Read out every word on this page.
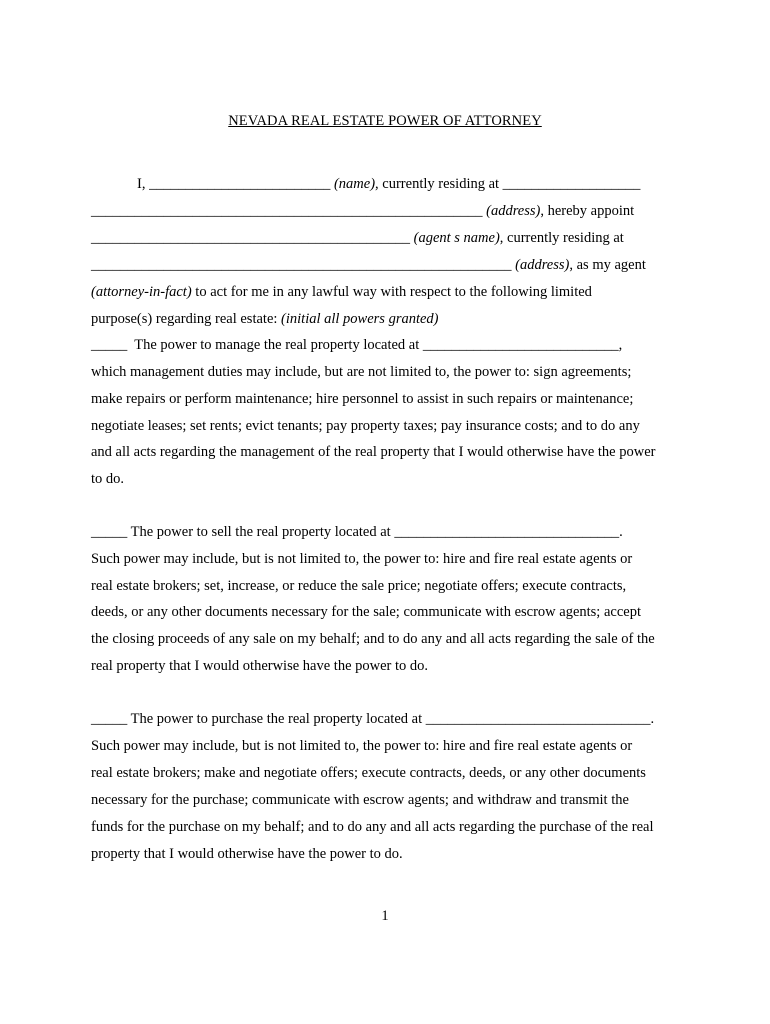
NEVADA REAL ESTATE POWER OF ATTORNEY
I, _________________________ (name), currently residing at ___________________
______________________________________________________ (address), hereby appoint
____________________________________________ (agent s name), currently residing at
__________________________________________________________ (address), as my agent
(attorney-in-fact) to act for me in any lawful way with respect to the following limited
purpose(s) regarding real estate: (initial all powers granted)
_____  The power to manage the real property located at ___________________________,
which management duties may include, but are not limited to, the power to: sign agreements;
make repairs or perform maintenance; hire personnel to assist in such repairs or maintenance;
negotiate leases; set rents; evict tenants; pay property taxes; pay insurance costs; and to do any
and all acts regarding the management of the real property that I would otherwise have the power
to do.
_____ The power to sell the real property located at _______________________________.
Such power may include, but is not limited to, the power to: hire and fire real estate agents or
real estate brokers; set, increase, or reduce the sale price; negotiate offers; execute contracts,
deeds, or any other documents necessary for the sale; communicate with escrow agents; accept
the closing proceeds of any sale on my behalf; and to do any and all acts regarding the sale of the
real property that I would otherwise have the power to do.
_____ The power to purchase the real property located at _______________________________.
Such power may include, but is not limited to, the power to: hire and fire real estate agents or
real estate brokers; make and negotiate offers; execute contracts, deeds, or any other documents
necessary for the purchase; communicate with escrow agents; and withdraw and transmit the
funds for the purchase on my behalf; and to do any and all acts regarding the purchase of the real
property that I would otherwise have the power to do.
1
